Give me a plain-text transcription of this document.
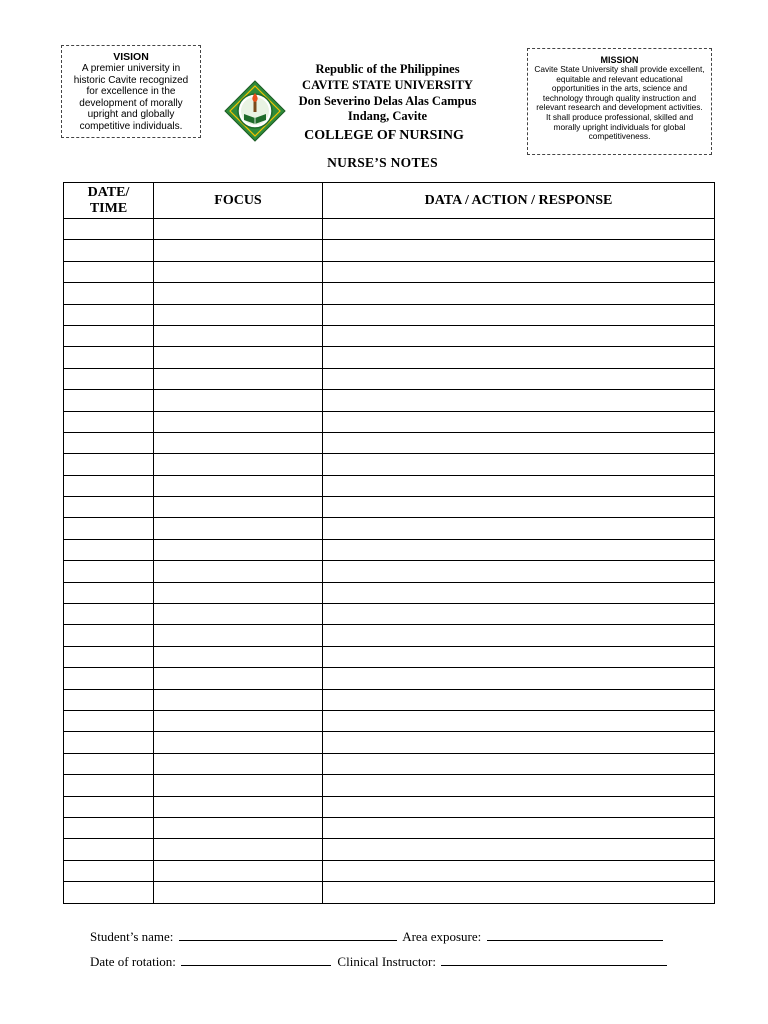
VISION
A premier university in historic Cavite recognized for excellence in the development of morally upright and globally competitive individuals.
Republic of the Philippines
CAVITE STATE UNIVERSITY
Don Severino Delas Alas Campus
Indang, Cavite
COLLEGE OF NURSING
NURSE’S NOTES
MISSION
Cavite State University shall provide excellent, equitable and relevant educational opportunities in the arts, science and technology through quality instruction and relevant research and development activities. It shall produce professional, skilled and morally upright individuals for global competitiveness.
DATE/
TIME	FOCUS	DATA / ACTION / RESPONSE

Student’s name:	Area exposure:
Date of rotation:	Clinical Instructor:
